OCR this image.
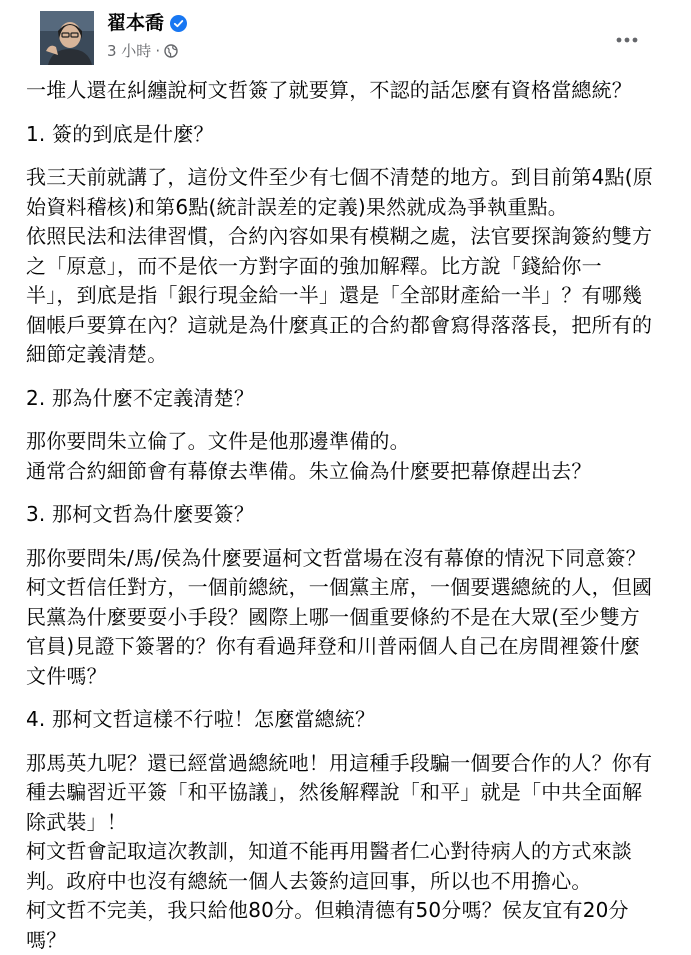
翟本喬
3 小時 ·

一堆人還在糾纏說柯文哲簽了就要算，不認的話怎麼有資格當總統？

1. 簽的到底是什麼？

我三天前就講了，這份文件至少有七個不清楚的地方。到目前第4點(原

始資料稽核)和第6點(統計誤差的定義)果然就成為爭執重點。

依照民法和法律習慣，合約內容如果有模糊之處，法官要探詢簽約雙方

之「原意」，而不是依一方對字面的強加解釋。比方說「錢給你一

半」，到底是指「銀行現金給一半」還是「全部財產給一半」？有哪幾

個帳戶要算在內？這就是為什麼真正的合約都會寫得落落長，把所有的

細節定義清楚。

2. 那為什麼不定義清楚？

那你要問朱立倫了。文件是他那邊準備的。

通常合約細節會有幕僚去準備。朱立倫為什麼要把幕僚趕出去？

3. 那柯文哲為什麼要簽？

那你要問朱/馬/侯為什麼要逼柯文哲當場在沒有幕僚的情況下同意簽？

柯文哲信任對方，一個前總統，一個黨主席，一個要選總統的人，但國

民黨為什麼要耍小手段？國際上哪一個重要條約不是在大眾(至少雙方

官員)見證下簽署的？你有看過拜登和川普兩個人自己在房間裡簽什麼

文件嗎？

4. 那柯文哲這樣不行啦！怎麼當總統？

那馬英九呢？還已經當過總統吔！用這種手段騙一個要合作的人？你有

種去騙習近平簽「和平協議」，然後解釋說「和平」就是「中共全面解

除武裝」！

柯文哲會記取這次教訓，知道不能再用醫者仁心對待病人的方式來談

判。政府中也沒有總統一個人去簽約這回事，所以也不用擔心。

柯文哲不完美，我只給他80分。但賴清德有50分嗎？侯友宜有20分

嗎？
